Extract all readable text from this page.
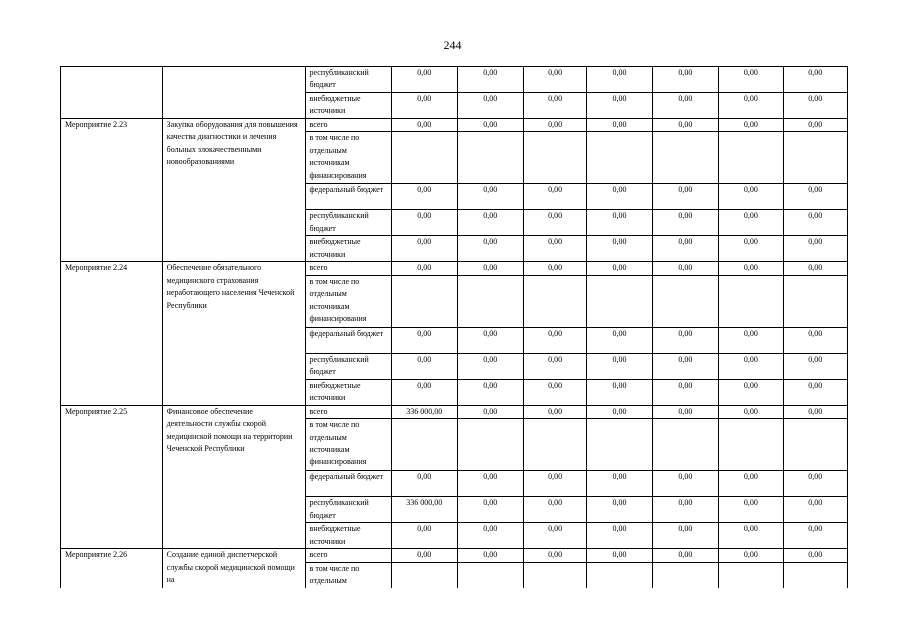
244
		республиканский бюджет	0,00	0,00	0,00	0,00	0,00	0,00	0,00
		внебюджетные источники	0,00	0,00	0,00	0,00	0,00	0,00	0,00
Мероприятие 2.23	Закупка оборудования для повышения качества диагностики и лечения больных злокачественными новообразованиями	всего	0,00	0,00	0,00	0,00	0,00	0,00	0,00
		в том числе по отдельным источникам финансирования							
		федеральный бюджет	0,00	0,00	0,00	0,00	0,00	0,00	0,00
		республиканский бюджет	0,00	0,00	0,00	0,00	0,00	0,00	0,00
		внебюджетные источники	0,00	0,00	0,00	0,00	0,00	0,00	0,00
Мероприятие 2.24	Обеспечение обязательного медицинского страхования неработающего населения Чеченской Республики	всего	0,00	0,00	0,00	0,00	0,00	0,00	0,00
		в том числе по отдельным источникам финансирования							
		федеральный бюджет	0,00	0,00	0,00	0,00	0,00	0,00	0,00
		республиканский бюджет	0,00	0,00	0,00	0,00	0,00	0,00	0,00
		внебюджетные источники	0,00	0,00	0,00	0,00	0,00	0,00	0,00
Мероприятие 2.25	Финансовое обеспечение деятельности службы скорой медицинской помощи на территории Чеченской Республики	всего	336 000,00	0,00	0,00	0,00	0,00	0,00	0,00
		в том числе по отдельным источникам финансирования							
		федеральный бюджет	0,00	0,00	0,00	0,00	0,00	0,00	0,00
		республиканский бюджет	336 000,00	0,00	0,00	0,00	0,00	0,00	0,00
		внебюджетные источники	0,00	0,00	0,00	0,00	0,00	0,00	0,00
Мероприятие 2.26	Создание единой диспетчерской службы скорой медицинской помощи на	всего	0,00	0,00	0,00	0,00	0,00	0,00	0,00
		в том числе по отдельным							
